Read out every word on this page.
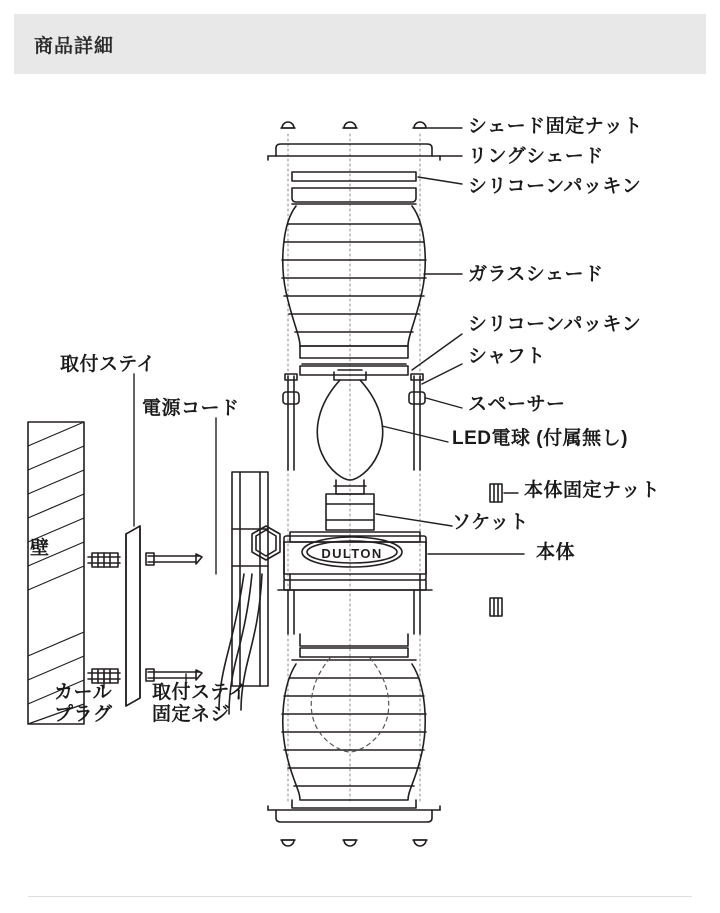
商品詳細
DULTON
シェード固定ナット
リングシェード
シリコーンパッキン
ガラスシェード
シリコーンパッキン
シャフト
スペーサー
LED電球 (付属無し)
本体固定ナット
ソケット
本体
取付ステイ
電源コード
カール
プラグ
取付ステイ
固定ネジ
壁
